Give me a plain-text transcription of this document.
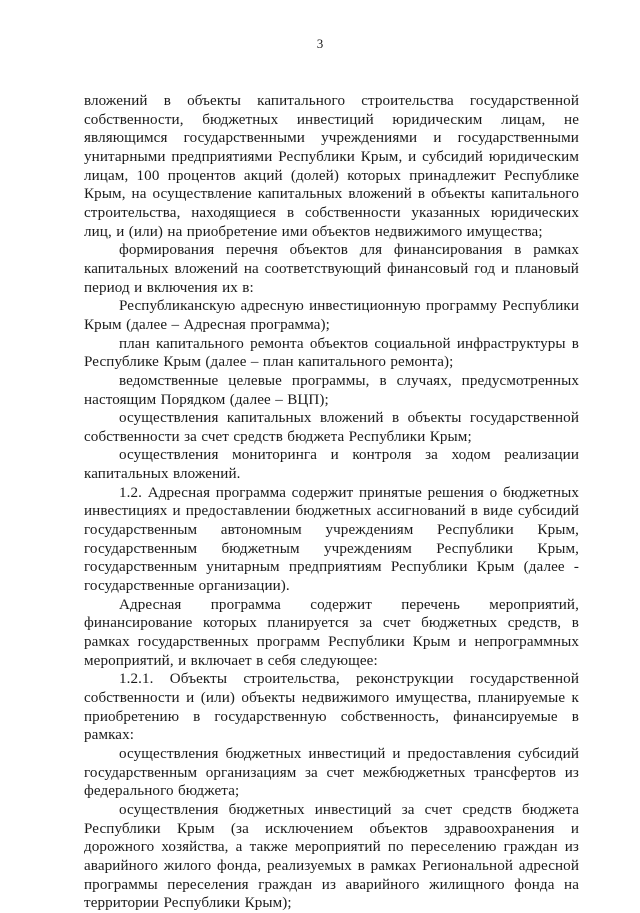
3

вложений в объекты капитального строительства государственной собственности, бюджетных инвестиций юридическим лицам, не являющимся государственными учреждениями и государственными унитарными предприятиями Республики Крым, и субсидий юридическим лицам, 100 процентов акций (долей) которых принадлежит Республике Крым, на осуществление капитальных вложений в объекты капитального строительства, находящиеся в собственности указанных юридических лиц, и (или) на приобретение ими объектов недвижимого имущества;

формирования перечня объектов для финансирования в рамках капитальных вложений на соответствующий финансовый год и плановый период и включения их в:

Республиканскую адресную инвестиционную программу Республики Крым (далее – Адресная программа);

план капитального ремонта объектов социальной инфраструктуры в Республике Крым (далее – план капитального ремонта);

ведомственные целевые программы, в случаях, предусмотренных настоящим Порядком (далее – ВЦП);

осуществления капитальных вложений в объекты государственной собственности за счет средств бюджета Республики Крым;

осуществления мониторинга и контроля за ходом реализации капитальных вложений.

1.2. Адресная программа содержит принятые решения о бюджетных инвестициях и предоставлении бюджетных ассигнований в виде субсидий государственным автономным учреждениям Республики Крым, государственным бюджетным учреждениям Республики Крым, государственным унитарным предприятиям Республики Крым (далее - государственные организации).

Адресная программа содержит перечень мероприятий, финансирование которых планируется за счет бюджетных средств, в рамках государственных программ Республики Крым и непрограммных мероприятий, и включает в себя следующее:

1.2.1. Объекты строительства, реконструкции государственной собственности и (или) объекты недвижимого имущества, планируемые к приобретению в государственную собственность, финансируемые в рамках:

осуществления бюджетных инвестиций и предоставления субсидий государственным организациям за счет межбюджетных трансфертов из федерального бюджета;

осуществления бюджетных инвестиций за счет средств бюджета Республики Крым (за исключением объектов здравоохранения и дорожного хозяйства, а также мероприятий по переселению граждан из аварийного жилого фонда, реализуемых в рамках Региональной адресной программы переселения граждан из аварийного жилищного фонда на территории Республики Крым);
